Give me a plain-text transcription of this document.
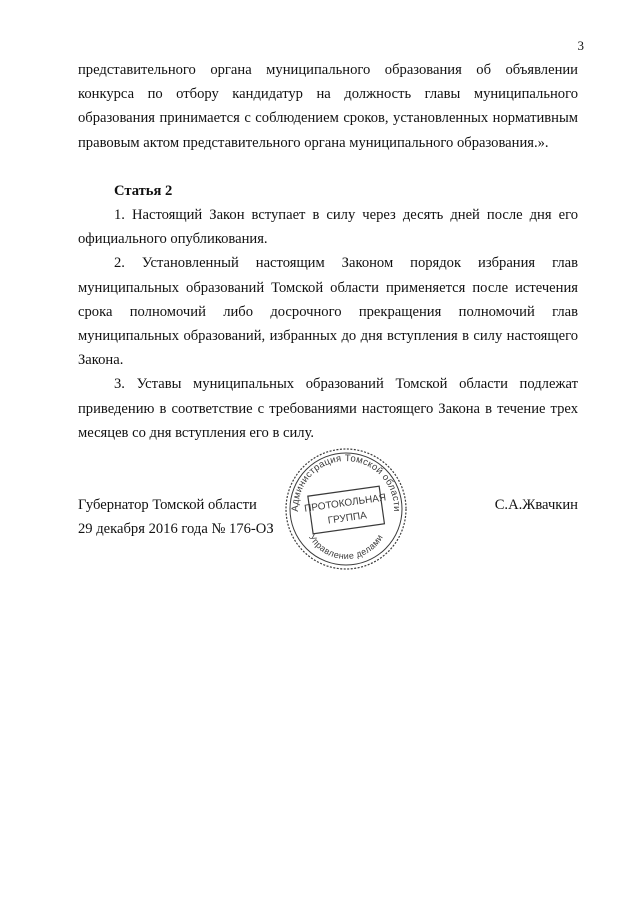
3

представительного органа муниципального образования об объявлении конкурса по отбору кандидатур на должность главы муниципального образования принимается с соблюдением сроков, установленных нормативным правовым актом представительного органа муниципального образования.».

Статья 2

1. Настоящий Закон вступает в силу через десять дней после дня его официального опубликования.

2. Установленный настоящим Законом порядок избрания глав муниципальных образований Томской области применяется после истечения срока полномочий либо досрочного прекращения полномочий глав муниципальных образований, избранных до дня вступления в силу настоящего Закона.

3. Уставы муниципальных образований Томской области подлежат приведению в соответствие с требованиями настоящего Закона в течение трех месяцев со дня вступления его в силу.

Губернатор Томской области	С.А.Жвачкин
29 декабря 2016 года № 176-ОЗ
Администрация Томской области
Управление делами
ПРОТОКОЛЬНАЯ
ГРУППА
